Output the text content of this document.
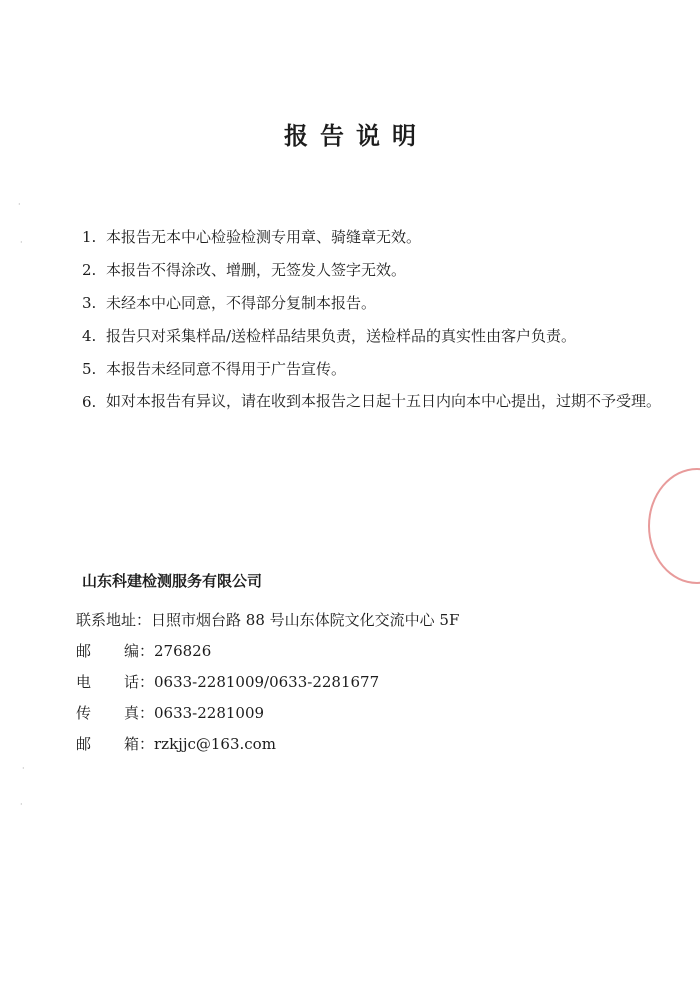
报告说明
1. 本报告无本中心检验检测专用章、骑缝章无效。
2. 本报告不得涂改、增删，无签发人签字无效。
3. 未经本中心同意，不得部分复制本报告。
4. 报告只对采集样品/送检样品结果负责，送检样品的真实性由客户负责。
5. 本报告未经同意不得用于广告宣传。
6. 如对本报告有异议，请在收到本报告之日起十五日内向本中心提出，过期不予受理。
山东科建检测服务有限公司
联系地址： 日照市烟台路 88 号山东体院文化交流中心 5F
邮 编： 276826
电 话： 0633-2281009/0633-2281677
传 真： 0633-2281009
邮 箱： rzkjjc@163.com
·
·
·
·
